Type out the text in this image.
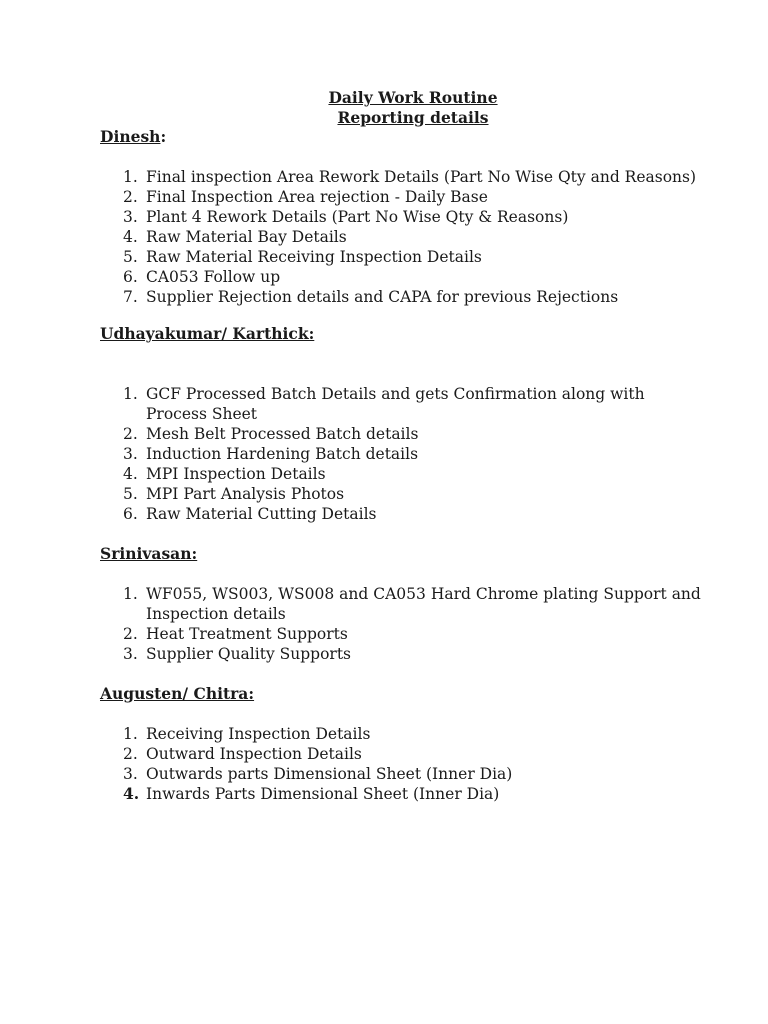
Daily Work Routine
Reporting details
Dinesh:
1. Final inspection Area Rework Details (Part No Wise Qty and Reasons)
2. Final Inspection Area rejection - Daily Base
3. Plant 4 Rework Details (Part No Wise Qty & Reasons)
4. Raw Material Bay Details
5. Raw Material Receiving Inspection Details
6. CA053 Follow up
7. Supplier Rejection details and CAPA for previous Rejections
Udhayakumar/ Karthick:
1. GCF Processed Batch Details and gets Confirmation along with Process Sheet
2. Mesh Belt Processed Batch details
3. Induction Hardening Batch details
4. MPI Inspection Details
5. MPI Part Analysis Photos
6. Raw Material Cutting Details
Srinivasan:
1. WF055, WS003, WS008 and CA053 Hard Chrome plating Support and Inspection details
2. Heat Treatment Supports
3. Supplier Quality Supports
Augusten/ Chitra:
1. Receiving Inspection Details
2. Outward Inspection Details
3. Outwards parts Dimensional Sheet (Inner Dia)
4. Inwards Parts Dimensional Sheet (Inner Dia)
